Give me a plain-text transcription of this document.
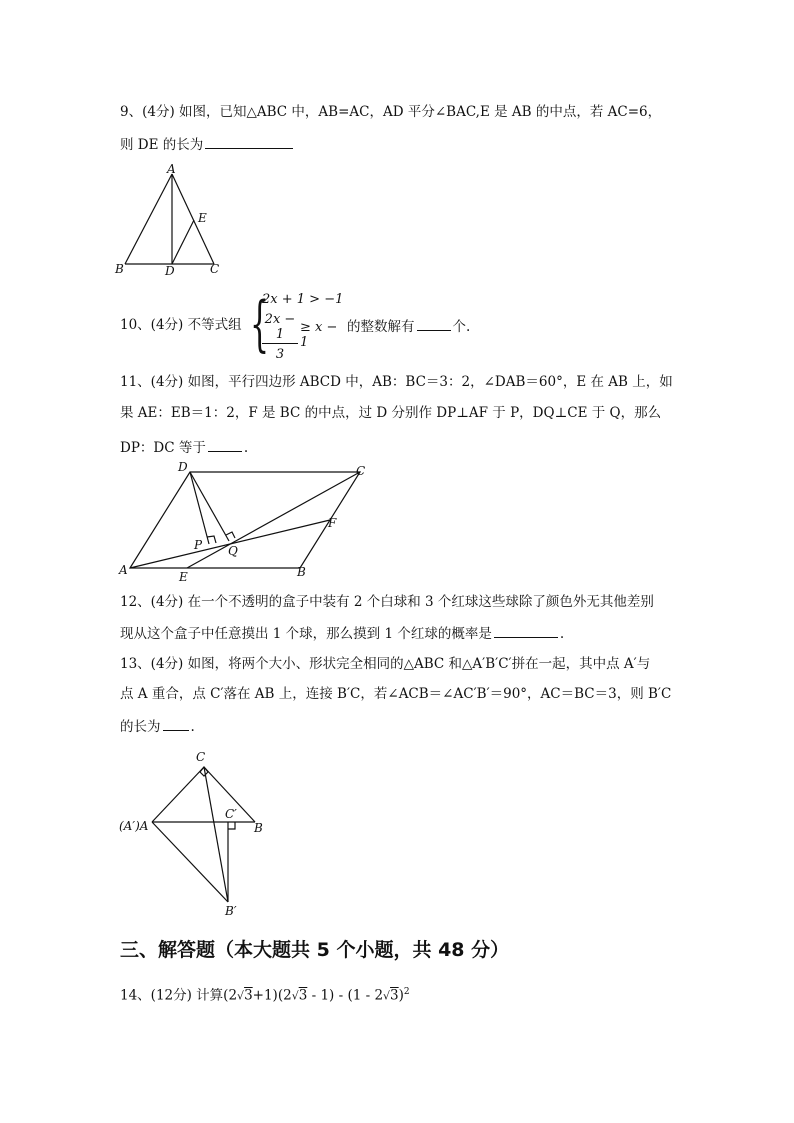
9、(4分) 如图，已知△ABC 中，AB=AC，AD 平分∠BAC,E 是 AB 的中点，若 AC=6，
则 DE 的长为
A
E
B	D	C
10、(4分) 不等式组 {
2x + 1 > −1
$\frac{2x - 1}{3} \ge x - 1$
的整数解有	个.
11、(4分) 如图，平行四边形 ABCD 中，AB：BC＝3：2，∠DAB＝60°，E 在 AB 上，如
果 AE：EB＝1：2，F 是 BC 的中点，过 D 分别作 DP⊥AF 于 P，DQ⊥CE 于 Q，那么
DP：DC 等于	.
D	C
F
P Q
A	E	B
12、(4分) 在一个不透明的盒子中装有 2 个白球和 3 个红球这些球除了颜色外无其他差别
现从这个盒子中任意摸出 1 个球，那么摸到 1 个红球的概率是	.
13、(4分) 如图，将两个大小、形状完全相同的△ABC 和△A′B′C′拼在一起，其中点 A′与
点 A 重合，点 C′落在 AB 上，连接 B′C，若∠ACB＝∠AC′B′＝90°，AC＝BC＝3，则 B′C
的长为 .
C
(A′)A
C′
B
B′
三、解答题（本大题共 5 个小题，共 48 分）
14、(12分) 计算(2√3+1)(2√3 - 1) - (1 - 2√3)$^2$
